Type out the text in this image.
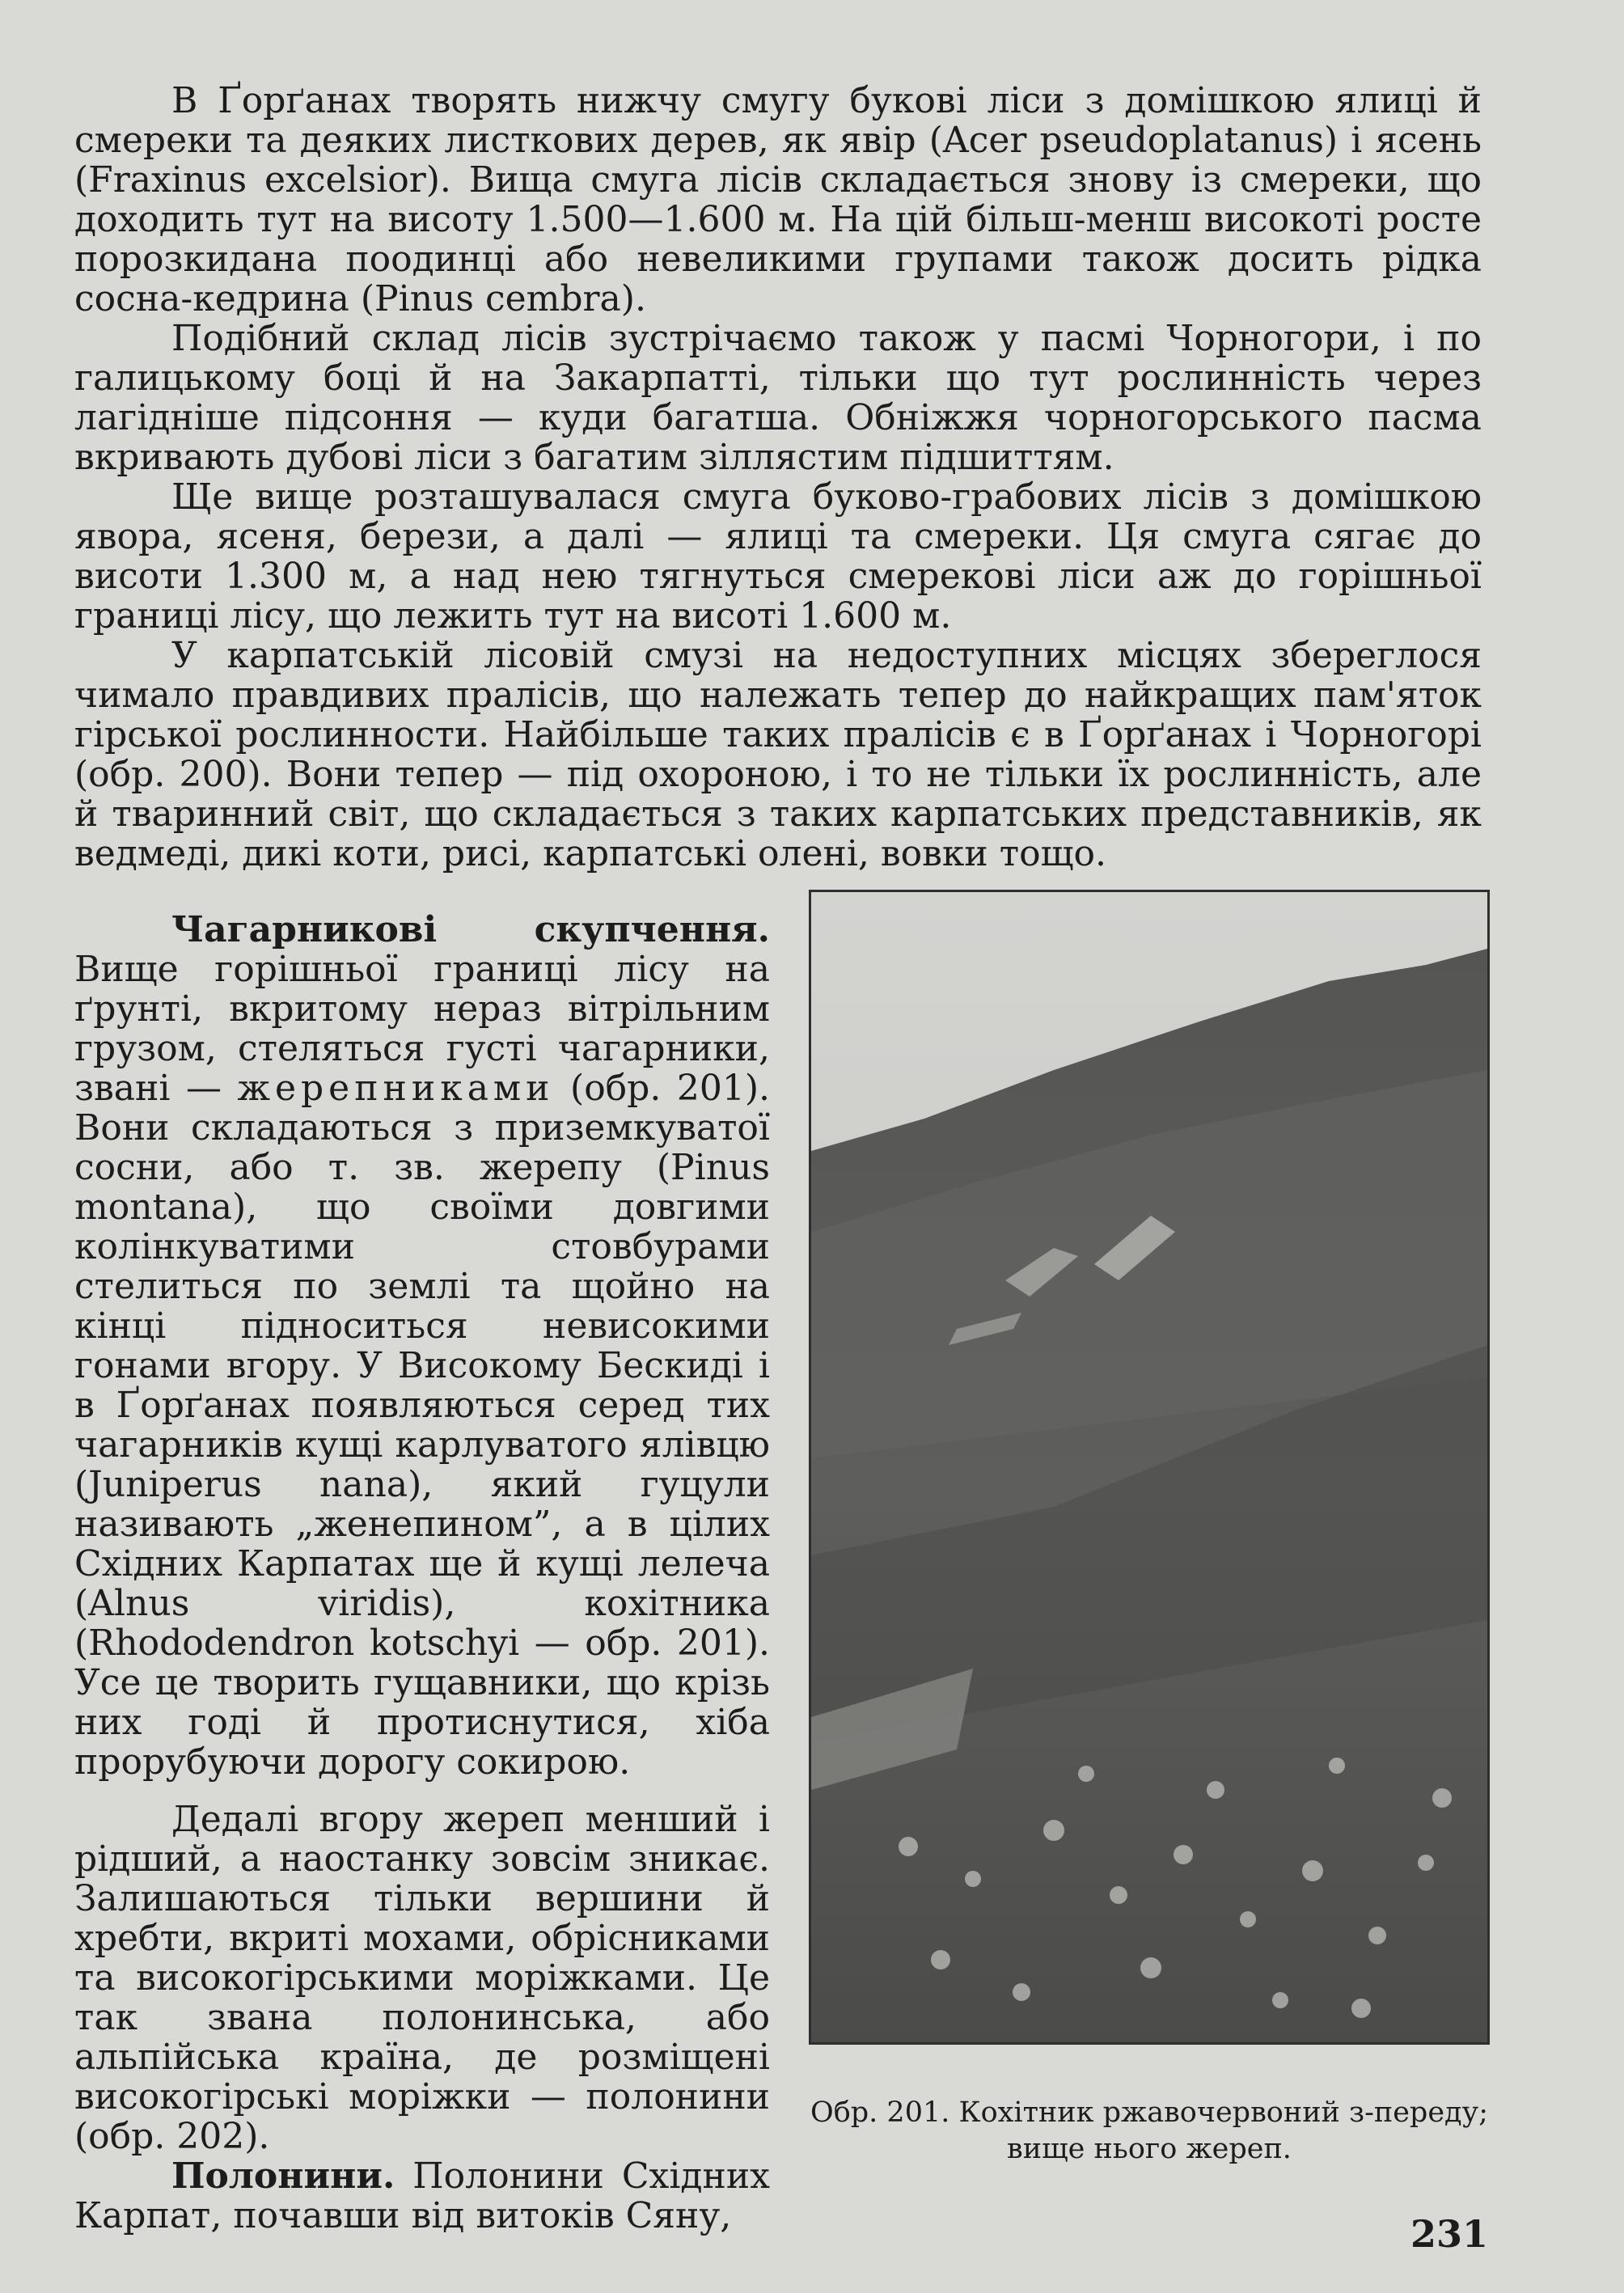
В Ґорґанах творять нижчу смугу букові ліси з домішкою ялиці й смереки та деяких листкових дерев, як явір (Acer pseudoplatanus) і ясень (Fraxinus excelsior). Вища смуга лісів складається знову із смереки, що доходить тут на висоту 1.500—1.600 м. На цій більш-менш високоті росте порозкидана поодинці або невеликими групами також досить рідка сосна-кедрина (Pinus cembra).

Подібний склад лісів зустрічаємо також у пасмі Чорногори, і по галицькому боці й на Закарпатті, тільки що тут рослинність через лагідніше підсоння — куди багатша. Обніжжя чорногорського пасма вкривають дубові ліси з багатим зіллястим підшиттям.

Ще вище розташувалася смуга буково-грабових лісів з домішкою явора, ясеня, берези, а далі — ялиці та смереки. Ця смуга сягає до висоти 1.300 м, а над нею тягнуться смерекові ліси аж до горішньої границі лісу, що лежить тут на висоті 1.600 м.

У карпатській лісовій смузі на недоступних місцях збереглося чимало правдивих пралісів, що належать тепер до найкращих пам'яток гірської рослинности. Найбільше таких пралісів є в Ґорґанах і Чорногорі (обр. 200). Вони тепер — під охороною, і то не тільки їх рослинність, але й тваринний світ, що складається з таких карпатських представників, як ведмеді, дикі коти, рисі, карпатські олені, вовки тощо.

Чагарникові скупчення. Вище горішньої границі лісу на ґрунті, вкритому нераз вітрільним грузом, стеляться густі чагарники, звані — жерепниками (обр. 201). Вони складаються з приземкуватої сосни, або т. зв. жерепу (Pinus montana), що своїми довгими колінкуватими стовбурами стелиться по землі та щойно на кінці підноситься невисокими гонами вгору. У Високому Бескиді і в Ґорґанах появляються серед тих чагарників кущі карлуватого ялівцю (Juniperus nana), який гуцули називають „женепином”, а в цілих Східних Карпатах ще й кущі лелеча (Alnus viridis), кохітника (Rhododendron kotschyi — обр. 201). Усе це творить гущавники, що крізь них годі й протиснутися, хіба прорубуючи дорогу сокирою.

Дедалі вгору жереп менший і рідший, а наостанку зовсім зникає. Залишаються тільки вершини й хребти, вкриті мохами, обрісниками та високогірськими моріжками. Це так звана полонинська, або альпійська країна, де розміщені високогірські моріжки — полонини (обр. 202).

Полонини. Полонини Східних Карпат, почавши від витоків Сяну,

Обр. 201. Кохітник ржавочервоний з-переду; вище нього жереп.
231
